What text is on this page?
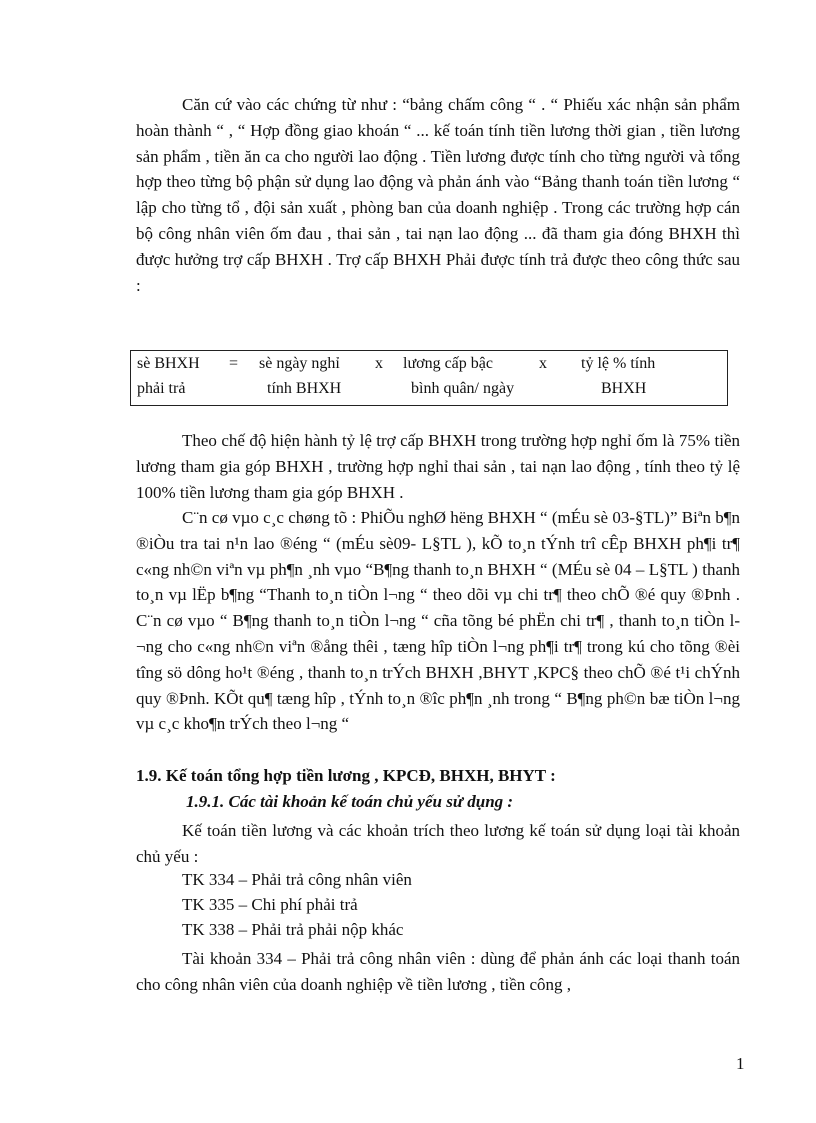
Căn cứ vào các chứng từ như : “bảng chấm công “ . “ Phiếu xác nhận sản phẩm hoàn thành “ , “ Hợp đồng giao khoán “ ... kế toán tính tiền lương thời gian , tiền lương sản phẩm , tiền ăn ca cho người lao động . Tiền lương được tính cho từng người và tổng hợp theo từng bộ phận sử dụng lao động và phản ánh vào “Bảng thanh toán tiền lương “ lập cho từng tổ , đội sản xuất , phòng ban của doanh nghiệp . Trong các trường hợp cán bộ công nhân viên ốm đau , thai sản , tai nạn lao động ... đã tham gia đóng BHXH thì được hưởng trợ cấp BHXH . Trợ cấp BHXH Phải được tính trả được theo công thức sau :

sè BHXH
phải trả
= sè ngày nghỉ
tính BHXH
x lương cấp bậc
bình quân/ ngày
x tỷ lệ % tính
BHXH

Theo chế độ hiện hành tỷ lệ trợ cấp BHXH trong trường hợp nghỉ ốm là 75% tiền lương tham gia góp BHXH , trường hợp nghỉ thai sản , tai nạn lao động , tính theo tỷ lệ 100% tiền lương tham gia góp BHXH .

C¨n cø vµo c¸c chøng tõ : PhiÕu nghØ hëng BHXH “ (mÉu sè 03-§TL)” Biªn b¶n ®iÒu tra tai n¹n lao ®éng “ (mÉu sè09- L§TL ), kÕ to¸n tÝnh trî cÊp BHXH ph¶i tr¶ c«ng nh©n viªn vµ ph¶n ¸nh vµo “B¶ng thanh to¸n BHXH “ (MÉu sè 04 – L§TL ) thanh to¸n vµ lËp b¶ng “Thanh to¸n tiÒn l¬ng “ theo dõi vµ chi tr¶ theo chÕ ®é quy ®Þnh . C¨n cø vµo “ B¶ng thanh to¸n tiÒn l¬ng “ cña tõng bé phËn chi tr¶ , thanh to¸n tiÒn l¬ng cho c«ng nh©n viªn ®ång thêi , tæng hîp tiÒn l¬ng ph¶i tr¶ trong kú cho tõng ®èi tîng sö dông ho¹t ®éng , thanh to¸n trÝch BHXH ,BHYT ,KPC§ theo chÕ ®é t¹i chÝnh quy ®Þnh. KÕt qu¶ tæng hîp , tÝnh to¸n ®îc ph¶n ¸nh trong “ B¶ng ph©n bæ tiÒn l¬ng vµ c¸c kho¶n trÝch theo l¬ng “

1.9. Kế toán tổng hợp tiền lương , KPCĐ, BHXH, BHYT :

1.9.1. Các tài khoản kế toán chủ yếu sử dụng :

Kế toán tiền lương và các khoản trích theo lương kế toán sử dụng loại tài khoản chủ yếu :

TK 334 – Phải trả công nhân viên

TK 335 – Chi phí phải trả

TK 338 – Phải trả phải nộp khác

Tài khoản 334 – Phải trả công nhân viên : dùng để phản ánh các loại thanh toán cho công nhân viên của doanh nghiệp về tiền lương , tiền công ,

1
